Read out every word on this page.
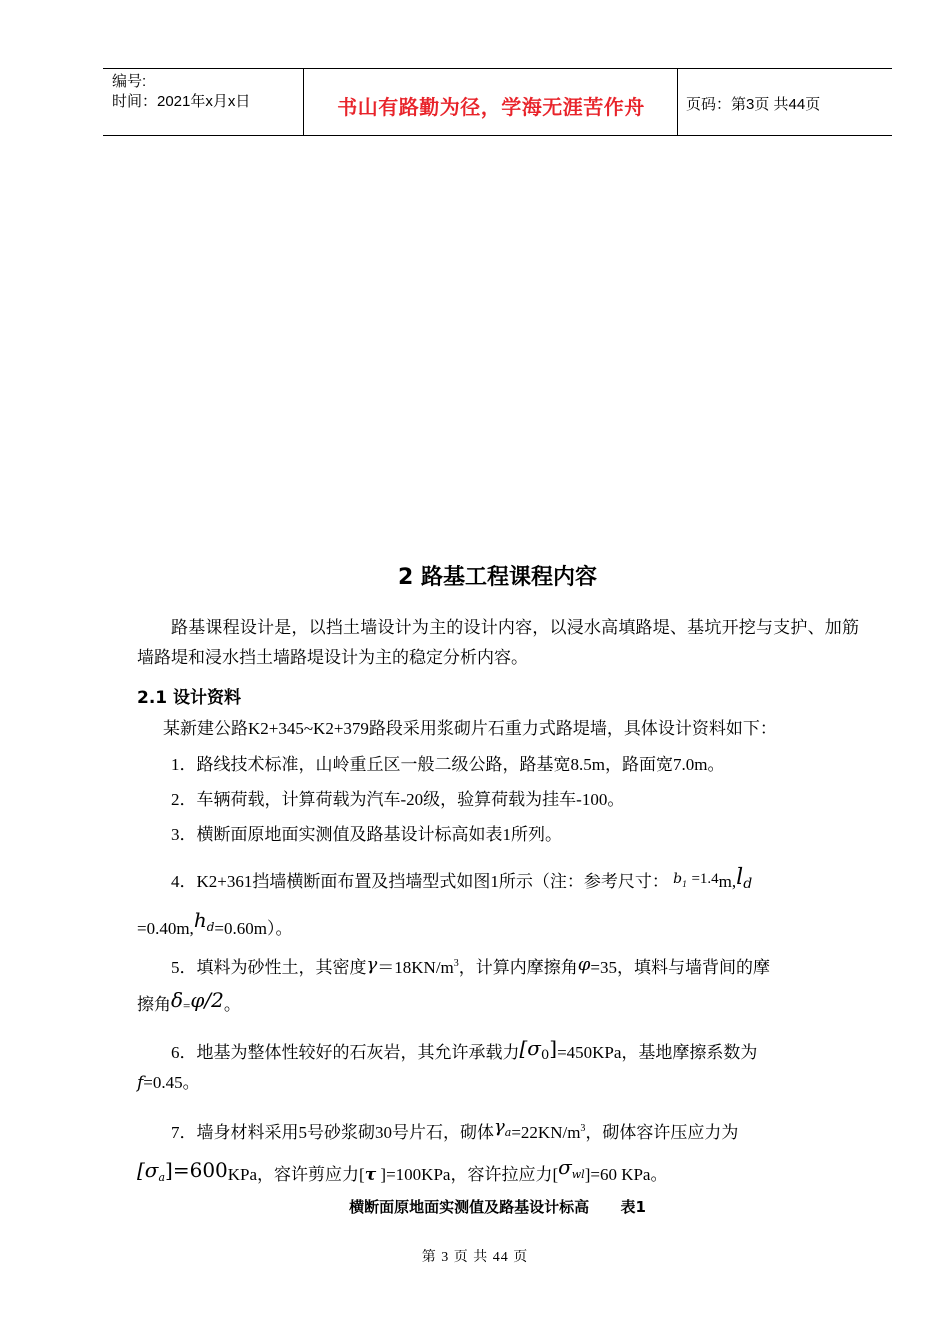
编号:
时间：2021年x月x日	书山有路勤为径，学海无涯苦作舟	页码：第3页 共44页
2 路基工程课程内容
路基课程设计是，以挡土墙设计为主的设计内容，以浸水高填路堤、基坑开挖与支护、加筋墙路堤和浸水挡土墙路堤设计为主的稳定分析内容。
2.1 设计资料
某新建公路K2+345~K2+379路段采用浆砌片石重力式路堤墙，具体设计资料如下：
1．路线技术标准，山岭重丘区一般二级公路，路基宽8.5m，路面宽7.0m。
2．车辆荷载，计算荷载为汽车-20级，验算荷载为挂车-100。
3．横断面原地面实测值及路基设计标高如表1所列。
4．K2+361挡墙横断面布置及挡墙型式如图1所示（注：参考尺寸： $^{b_1} =1.4m,l_d$
$=0.40m,h_d=0.60m$）。
5．填料为砂性土，其密度$\gamma=18KN/m^3$，计算内摩擦角φ=35，填料与墙背间的摩
擦角δ=φ/2。
6．地基为整体性较好的石灰岩，其允许承载力$[\sigma_0]=450KPa$，基地摩擦系数为
f=0.45。
7．墙身材料采用5号砂浆砌30号片石，砌体$\gamma_a=22KN/m^3$，砌体容许压应力为
$[\sigma_a]=600KPa$，容许剪应力[τ ]=100KPa，容许拉应力$[\sigma_{wl}]=60$ KPa。
横断面原地面实测值及路基设计标高      表1
第 3 页 共 44 页
